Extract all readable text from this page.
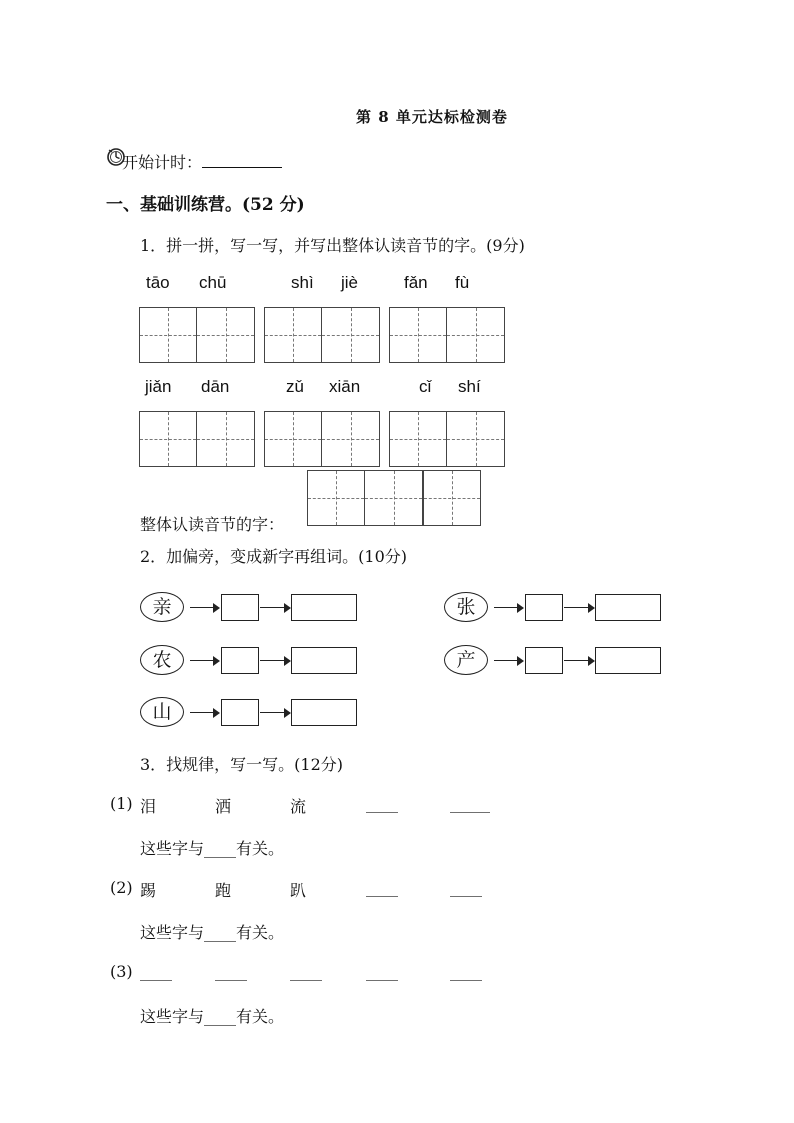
第 8 单元达标检测卷
开始计时：
一、基础训练营。(52 分)
1．拼一拼，写一写，并写出整体认读音节的字。(9分)
tāo chū	shì jiè	fǎn fù
jiǎn dān	zǔ xiān	cǐ shí
整体认读音节的字：
2．加偏旁，变成新字再组词。(10分)
亲	张
农	产
山
3．找规律，写一写。(12分)
(1) 泪	洒	流	____	_____
这些字与____有关。
(2) 踢	跑	趴	____	____
这些字与____有关。
(3) ____	____	____	____	____
这些字与____有关。
